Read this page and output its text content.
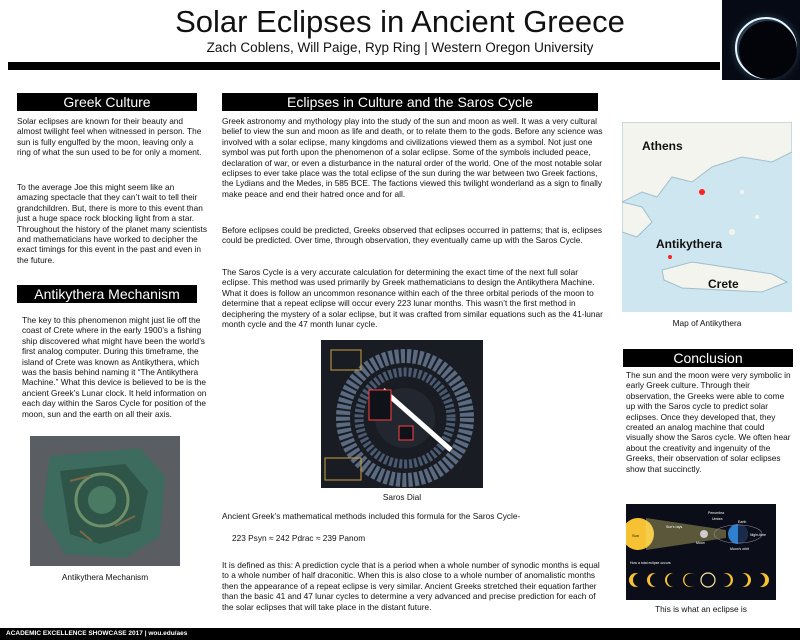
Solar Eclipses in Ancient Greece
Zach Coblens, Will Paige, Ryp Ring | Western Oregon University
Greek Culture
Solar eclipses are known for their beauty and almost twilight feel when witnessed in person. The sun is fully engulfed by the moon, leaving only a ring of what the sun used to be for only a moment.
To the average Joe this might seem like an amazing spectacle that they can’t wait to tell their grandchildren. But, there is more to this event than just a huge space rock blocking light from a star. Throughout the history of the planet many scientists and mathematicians have worked to decipher the exact timings for this event in the past and even in the future.
Antikythera Mechanism
The key to this phenomenon might just lie off the coast of Crete where in the early 1900’s a fishing ship discovered what might have been the world’s first analog computer. During this timeframe, the island of Crete was known as Antikythera, which was the basis behind naming it “The Antikythera Machine.” What this device is believed to be is the ancient Greek’s Lunar clock. It held information on each day within the Saros Cycle for position of the moon, sun and the earth on all their axis.
Antikythera Mechanism
Eclipses in Culture and the Saros Cycle
Greek astronomy and mythology play into the study of the sun and moon as well. It was a very cultural belief to view the sun and moon as life and death, or to relate them to the gods. Before any science was involved with a solar eclipse, many kingdoms and civilizations viewed them as a symbol. Not just one symbol was put forth upon the phenomenon of a solar eclipse. Some of the symbols included peace, declaration of war, or even a disturbance in the natural order of the world. One of the most notable solar eclipses to ever take place was the total eclipse of the sun during the war between two Greek factions, the Lydians and the Medes, in 585 BCE. The factions viewed this twilight wonderland as a sign to finally make peace and end their hatred once and for all.
Before eclipses could be predicted, Greeks observed that eclipses occurred in patterns; that is, eclipses could be predicted. Over time, through observation, they eventually came up with the Saros Cycle.
The Saros Cycle is a very accurate calculation for determining the exact time of the next full solar eclipse. This method was used primarily by Greek mathematicians to design the Antikythera Machine. What it does is follow an uncommon resonance within each of the three orbital periods of the moon to determine that a repeat eclipse will occur every 223 lunar months. This wasn’t the first method in deciphering the mystery of a solar eclipse, but it was crafted from similar equations such as the 41-lunar month cycle and the 47 month lunar cycle.
Saros Dial
Ancient Greek’s mathematical methods included this formula for the Saros Cycle-
223 Psyn ≈ 242 Pdrac ≈ 239 Panom
It is defined as this: A prediction cycle that is a period when a whole number of synodic months is equal to a whole number of half draconitic. When this is also close to a whole number of anomalistic months then the appearance of a repeat eclipse is very similar. Ancient Greeks stretched their equation farther than the basic 41 and 47 lunar cycles to determine a very advanced and precise prediction for each of the solar eclipses that will take place in the distant future.
Athens
Antikythera
Crete
Map of Antikythera
Conclusion
The sun and the moon were very symbolic in early Greek culture. Through their observation, the Greeks were able to come up with the Saros cycle to predict solar eclipses. Once they developed that, they created an analog machine that could visually show the Saros cycle. We often hear about the creativity and ingenuity of the Greeks, their observation of solar eclipses show that succinctly.
Sun
Sun's rays
Moon
Penumbra
Umbra
Earth
Night-time
Moon's orbit
How a total eclipse occurs
This is what an eclipse is
ACADEMIC EXCELLENCE SHOWCASE 2017 | wou.edu/aes
